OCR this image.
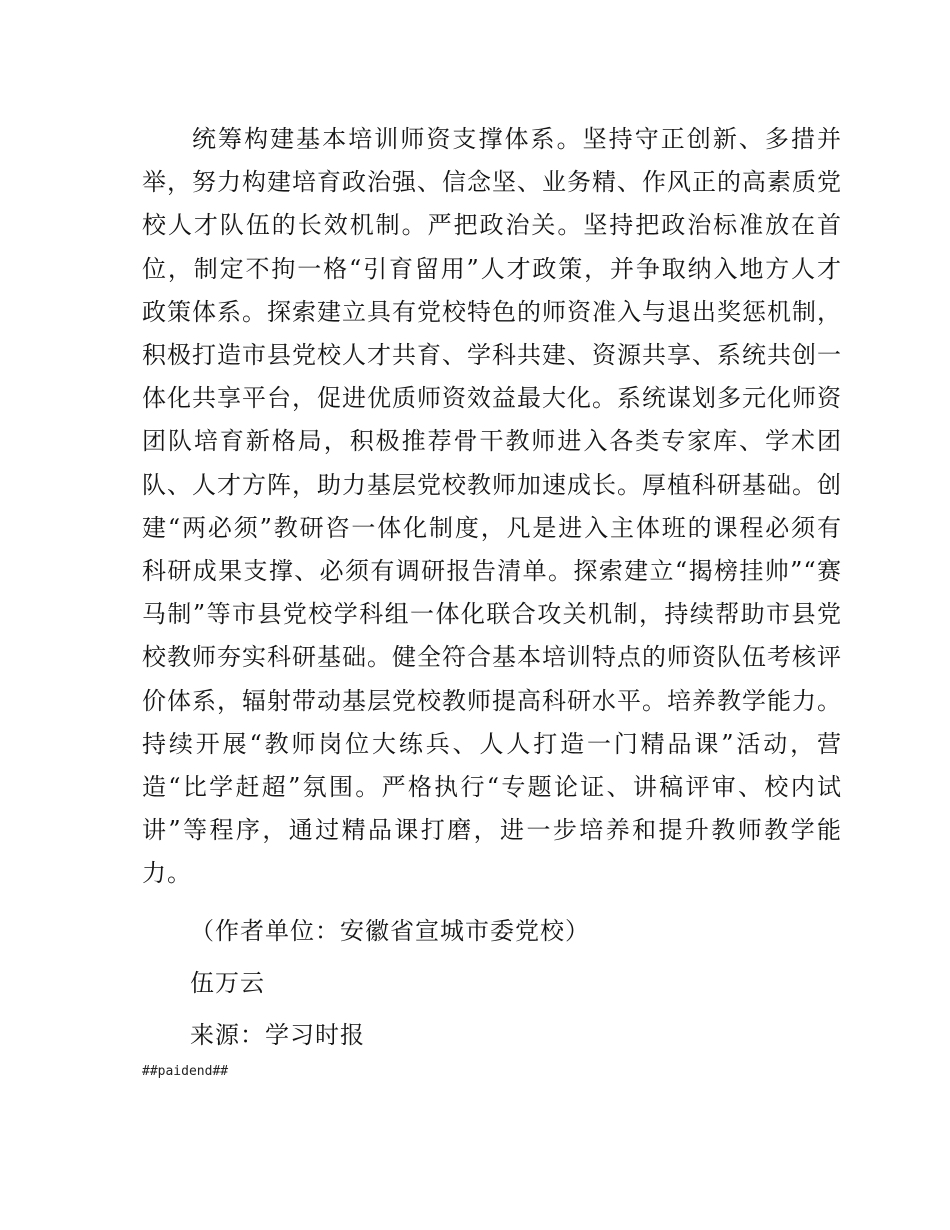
统筹构建基本培训师资支撑体系。坚持守正创新、多措并举，努力构建培育政治强、信念坚、业务精、作风正的高素质党校人才队伍的长效机制。严把政治关。坚持把政治标准放在首位，制定不拘一格“引育留用”人才政策，并争取纳入地方人才政策体系。探索建立具有党校特色的师资准入与退出奖惩机制，积极打造市县党校人才共育、学科共建、资源共享、系统共创一体化共享平台，促进优质师资效益最大化。系统谋划多元化师资团队培育新格局，积极推荐骨干教师进入各类专家库、学术团队、人才方阵，助力基层党校教师加速成长。厚植科研基础。创建“两必须”教研咨一体化制度，凡是进入主体班的课程必须有科研成果支撑、必须有调研报告清单。探索建立“揭榜挂帅”“赛马制”等市县党校学科组一体化联合攻关机制，持续帮助市县党校教师夯实科研基础。健全符合基本培训特点的师资队伍考核评价体系，辐射带动基层党校教师提高科研水平。培养教学能力。持续开展“教师岗位大练兵、人人打造一门精品课”活动，营造“比学赶超”氛围。严格执行“专题论证、讲稿评审、校内试讲”等程序，通过精品课打磨，进一步培养和提升教师教学能力。

（作者单位：安徽省宣城市委党校）
伍万云
来源：学习时报
##paidend##
